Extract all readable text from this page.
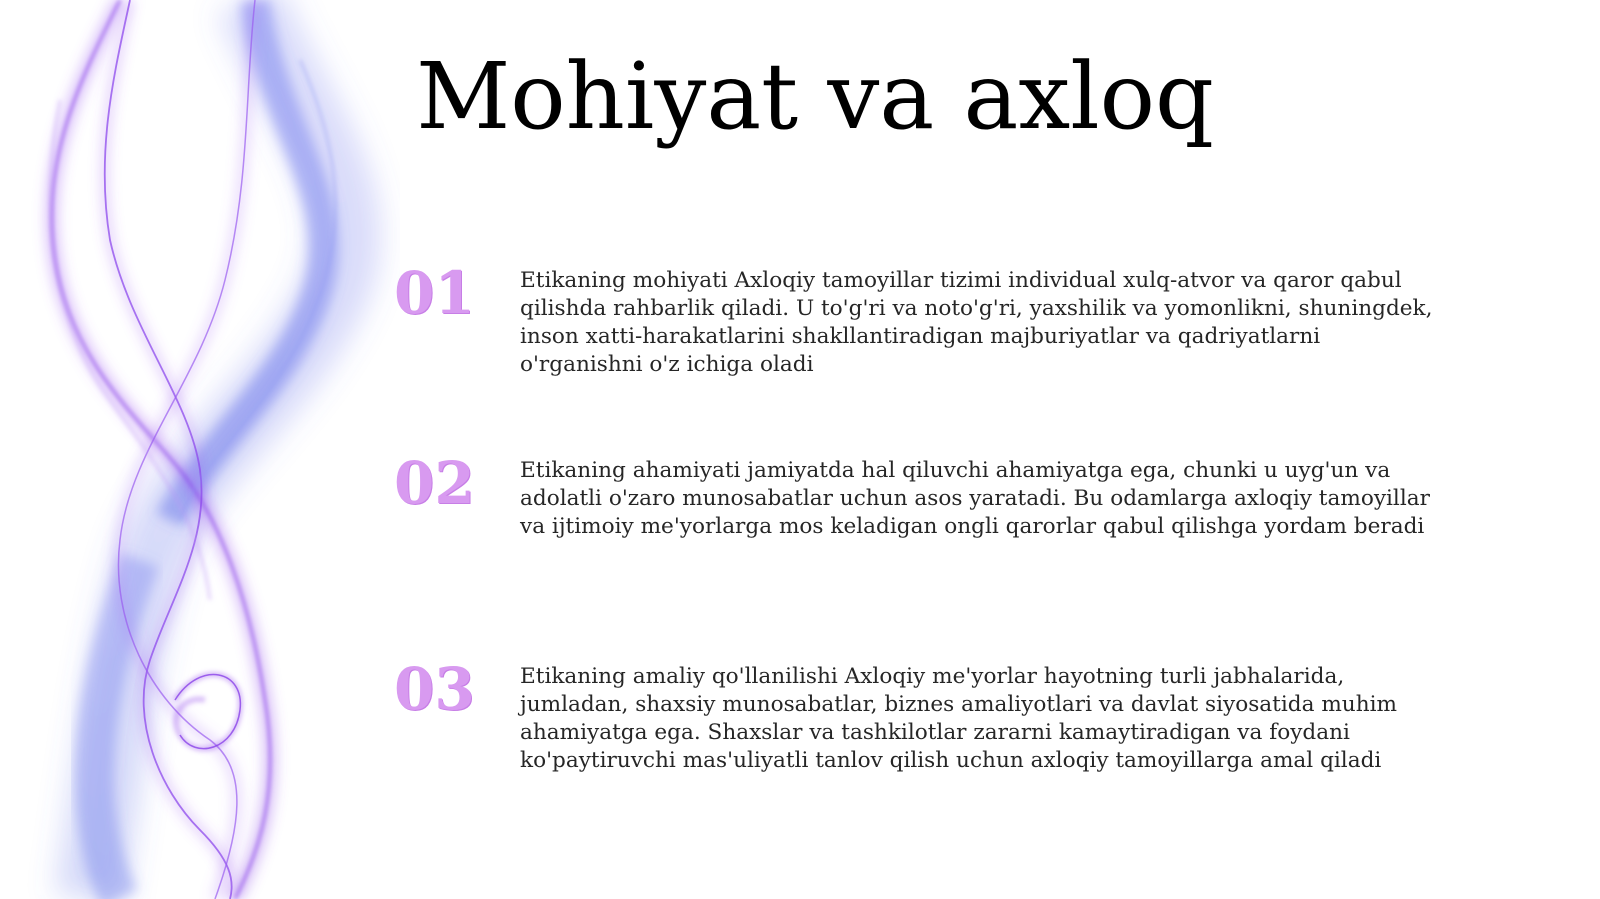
Mohiyat va axloq
01 Etikaning mohiyati Axloqiy tamoyillar tizimi individual xulq-atvor va qaror qabul qilishda rahbarlik qiladi. U to'g'ri va noto'g'ri, yaxshilik va yomonlikni, shuningdek, inson xatti-harakatlarini shakllantiradigan majburiyatlar va qadriyatlarni o'rganishni o'z ichiga oladi

02 Etikaning ahamiyati jamiyatda hal qiluvchi ahamiyatga ega, chunki u uyg'un va adolatli o'zaro munosabatlar uchun asos yaratadi. Bu odamlarga axloqiy tamoyillar va ijtimoiy me'yorlarga mos keladigan ongli qarorlar qabul qilishga yordam beradi

03 Etikaning amaliy qo'llanilishi Axloqiy me'yorlar hayotning turli jabhalarida, jumladan, shaxsiy munosabatlar, biznes amaliyotlari va davlat siyosatida muhim ahamiyatga ega. Shaxslar va tashkilotlar zararni kamaytiradigan va foydani ko'paytiruvchi mas'uliyatli tanlov qilish uchun axloqiy tamoyillarga amal qiladi
